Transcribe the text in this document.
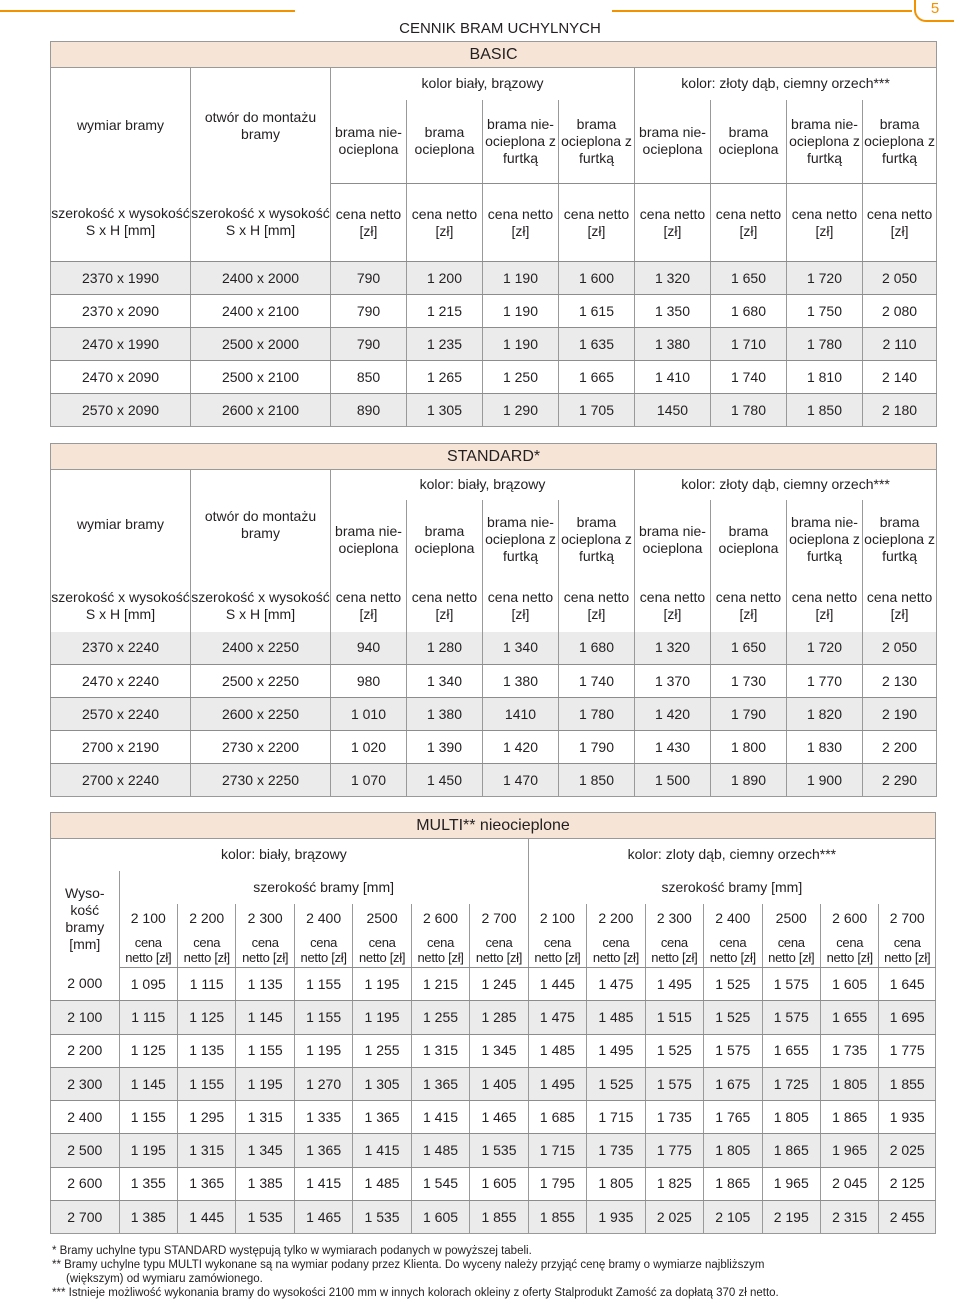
5
CENNIK BRAM UCHYLNYCH
BASIC									
wymiar bramy	otwór do montażu bramy	kolor biały, brązowy				kolor: złoty dąb, ciemny orzech***			
		brama nie- ocieplona	brama ocieplona	brama nie- ocieplona z furtką	brama ocieplona z furtką	brama nie- ocieplona	brama ocieplona	brama nie- ocieplona z furtką	brama ocieplona z furtką
szerokość x wysokość S x H [mm]	szerokość x wysokość S x H [mm]	cena netto [zł]	cena netto [zł]	cena netto [zł]	cena netto [zł]	cena netto [zł]	cena netto [zł]	cena netto [zł]	cena netto [zł]
2370 x 1990	2400 x 2000	790	1 200	1 190	1 600	1 320	1 650	1 720	2 050
2370 x 2090	2400 x 2100	790	1 215	1 190	1 615	1 350	1 680	1 750	2 080
2470 x 1990	2500 x 2000	790	1 235	1 190	1 635	1 380	1 710	1 780	2 110
2470 x 2090	2500 x 2100	850	1 265	1 250	1 665	1 410	1 740	1 810	2 140
2570 x 2090	2600 x 2100	890	1 305	1 290	1 705	1450	1 780	1 850	2 180
STANDARD*									
wymiar bramy	otwór do montażu bramy	kolor: biały, brązowy				kolor: złoty dąb, ciemny orzech***			
		brama nie- ocieplona	brama ocieplona	brama nie- ocieplona z furtką	brama ocieplona z furtką	brama nie- ocieplona	brama ocieplona	brama nie- ocieplona z furtką	brama ocieplona z furtką
szerokość x wysokość S x H [mm]	szerokość x wysokość S x H [mm]	cena netto [zł]	cena netto [zł]	cena netto [zł]	cena netto [zł]	cena netto [zł]	cena netto [zł]	cena netto [zł]	cena netto [zł]
2370 x 2240	2400 x 2250	940	1 280	1 340	1 680	1 320	1 650	1 720	2 050
2470 x 2240	2500 x 2250	980	1 340	1 380	1 740	1 370	1 730	1 770	2 130
2570 x 2240	2600 x 2250	1 010	1 380	1410	1 780	1 420	1 790	1 820	2 190
2700 x 2190	2730 x 2200	1 020	1 390	1 420	1 790	1 430	1 800	1 830	2 200
2700 x 2240	2730 x 2250	1 070	1 450	1 470	1 850	1 500	1 890	1 900	2 290
MULTI** nieocieplone														
kolor: biały, brązowy								kolor: zloty dąb, ciemny orzech***						
Wyso- kość bramy [mm]	szerokość bramy [mm]							szerokość bramy [mm]						
	2 100	2 200	2 300	2 400	2500	2 600	2 700	2 100	2 200	2 300	2 400	2500	2 600	2 700
	cena netto [zł]	cena netto [zł]	cena netto [zł]	cena netto [zł]	cena netto [zł]	cena netto [zł]	cena netto [zł]	cena netto [zł]	cena netto [zł]	cena netto [zł]	cena netto [zł]	cena netto [zł]	cena netto [zł]	cena netto [zł]
2 000	1 095	1 115	1 135	1 155	1 195	1 215	1 245	1 445	1 475	1 495	1 525	1 575	1 605	1 645
2 100	1 115	1 125	1 145	1 155	1 195	1 255	1 285	1 475	1 485	1 515	1 525	1 575	1 655	1 695
2 200	1 125	1 135	1 155	1 195	1 255	1 315	1 345	1 485	1 495	1 525	1 575	1 655	1 735	1 775
2 300	1 145	1 155	1 195	1 270	1 305	1 365	1 405	1 495	1 525	1 575	1 675	1 725	1 805	1 855
2 400	1 155	1 295	1 315	1 335	1 365	1 415	1 465	1 685	1 715	1 735	1 765	1 805	1 865	1 935
2 500	1 195	1 315	1 345	1 365	1 415	1 485	1 535	1 715	1 735	1 775	1 805	1 865	1 965	2 025
2 600	1 355	1 365	1 385	1 415	1 485	1 545	1 605	1 795	1 805	1 825	1 865	1 965	2 045	2 125
2 700	1 385	1 445	1 535	1 465	1 535	1 605	1 855	1 855	1 935	2 025	2 105	2 195	2 315	2 455

* Bramy uchylne typu STANDARD występują tylko w wymiarach podanych w powyższej tabeli.

** Bramy uchylne typu MULTI wykonane są na wymiar podany przez Klienta. Do wyceny należy przyjąć cenę bramy o wymiarze najbliższym

(większym) od wymiaru zamówionego.

*** Istnieje możliwość wykonania bramy do wysokości 2100 mm w innych kolorach okleiny z oferty Stalprodukt Zamość za dopłatą 370 zł netto.
